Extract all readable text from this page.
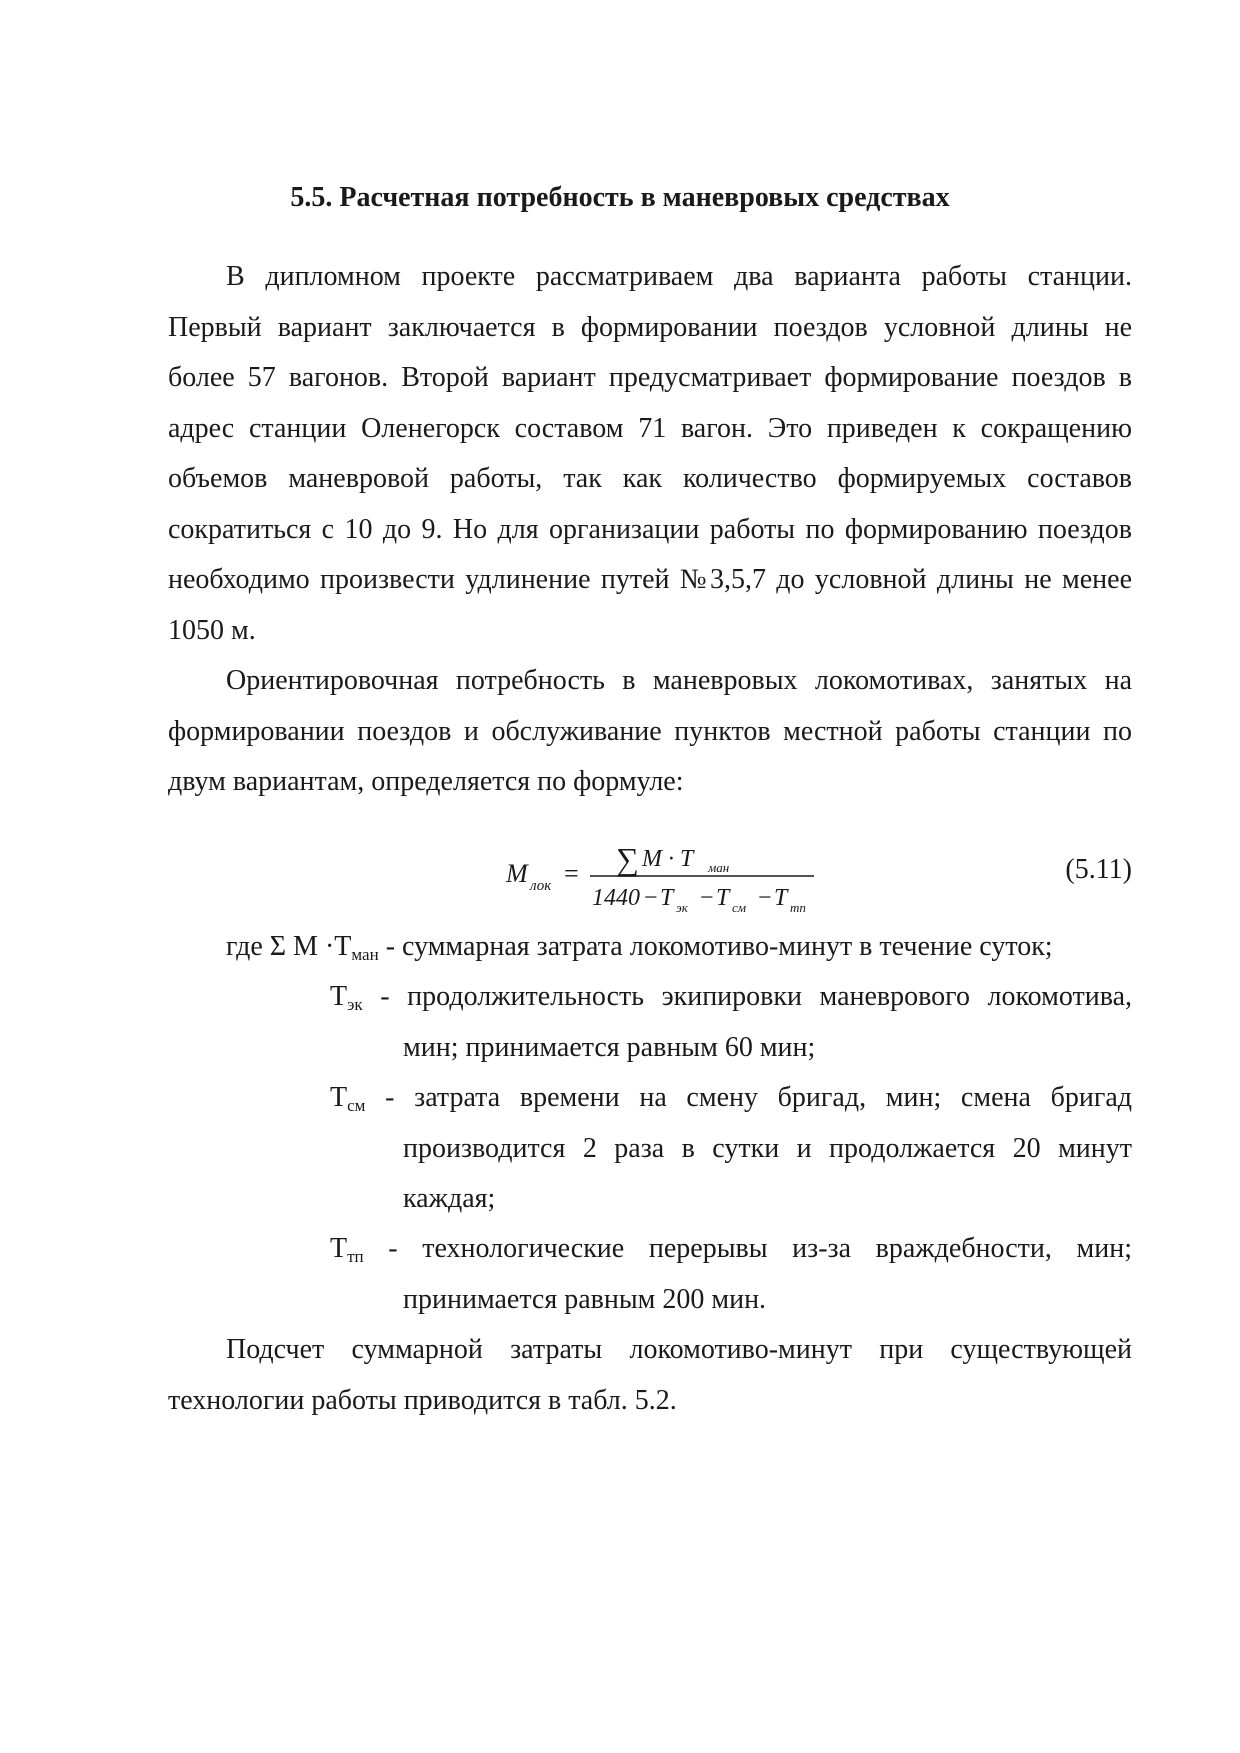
5.5. Расчетная потребность в маневровых средствах

В дипломном проекте рассматриваем два варианта работы станции. Первый вариант заключается в формировании поездов условной длины не более 57 вагонов. Второй вариант предусматривает формирование поездов в адрес станции Оленегорск составом 71 вагон. Это приведен к сокращению объемов маневровой работы, так как количество формируемых составов сократиться с 10 до 9. Но для организации работы по формированию поездов необходимо произвести удлинение путей №3,5,7 до условной длины не менее 1050 м.

Ориентировочная потребность в маневровых локомотивах, занятых на формировании поездов и обслуживание пунктов местной работы станции по двум вариантам, определяется по формуле:

M лок = ∑ M · T ман
1440 − T эк − T см − T тп
(5.11)
где Σ $М \cdot Т_{ман}$ - суммарная затрата локомотиво-минут в течение суток;
$Т_{эк}$ - продолжительность экипировки маневрового локомотива,
мин; принимается равным 60 мин;
$Т_{см}$ - затрата времени на смену бригад, мин; смена бригад
производится 2 раза в сутки и продолжается 20 минут каждая;
$Т_{тп}$ - технологические перерывы из-за враждебности, мин;
принимается равным 200 мин.

Подсчет суммарной затраты локомотиво-минут при существующей технологии работы приводится в табл. 5.2.
